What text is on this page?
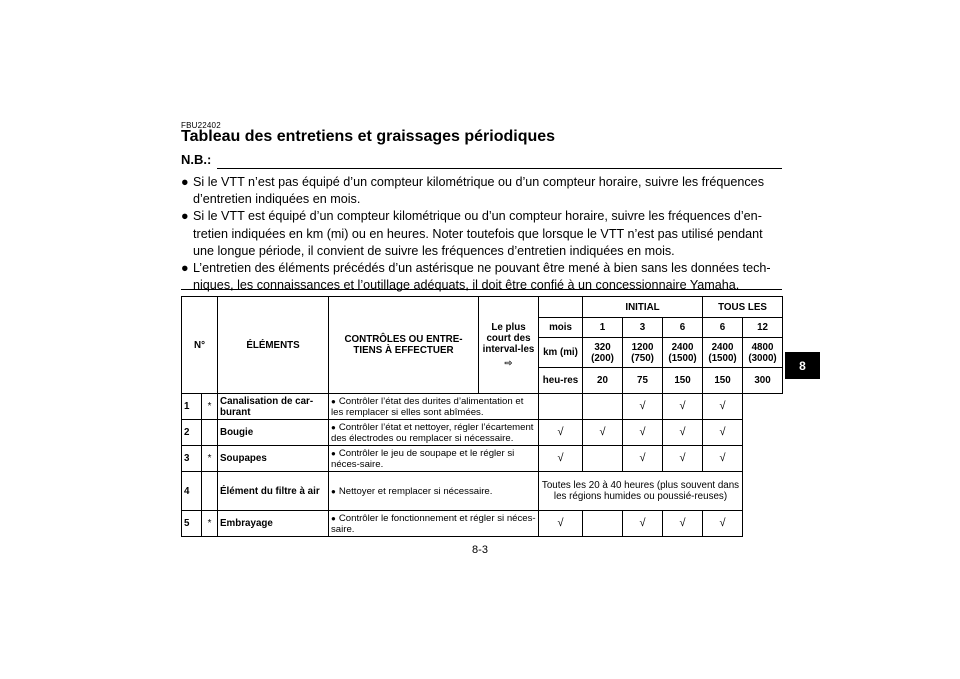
FBU22402
Tableau des entretiens et graissages périodiques
N.B.:
● Si le VTT n’est pas équipé d’un compteur kilométrique ou d’un compteur horaire, suivre les fréquences d’entretien indiquées en mois.
● Si le VTT est équipé d’un compteur kilométrique ou d’un compteur horaire, suivre les fréquences d’en-tretien indiquées en km (mi) ou en heures. Noter toutefois que lorsque le VTT n’est pas utilisé pendant une longue période, il convient de suivre les fréquences d’entretien indiquées en mois.
● L’entretien des éléments précédés d’un astérisque ne pouvant être mené à bien sans les données tech-niques, les connaissances et l’outillage adéquats, il doit être confié à un concessionnaire Yamaha.
8
N°		ÉLÉMENTS	CONTRÔLES OU ENTRE-TIENS À EFFECTUER	Le plus court des interval-les
⇨		INITIAL			TOUS LES	
					mois	1	3	6	6	12
					km (mi)	320 (200)	1200 (750)	2400 (1500)	2400 (1500)	4800 (3000)
					heu-res	20	75	150	150	300
1	*	Canalisation de car-burant	● Contrôler l’état des durites d’alimentation et les remplacer si elles sont abîmées.				√	√	√	
2		Bougie	● Contrôler l’état et nettoyer, régler l’écartement des électrodes ou remplacer si nécessaire.		√	√	√	√	√	
3	*	Soupapes	● Contrôler le jeu de soupape et le régler si néces-saire.		√		√	√	√	
4		Élément du filtre à air	● Nettoyer et remplacer si nécessaire.		Toutes les 20 à 40 heures (plus souvent dans les régions humides ou poussié-reuses)					
5	*	Embrayage	● Contrôler le fonctionnement et régler si néces-saire.		√		√	√	√	
8-3
